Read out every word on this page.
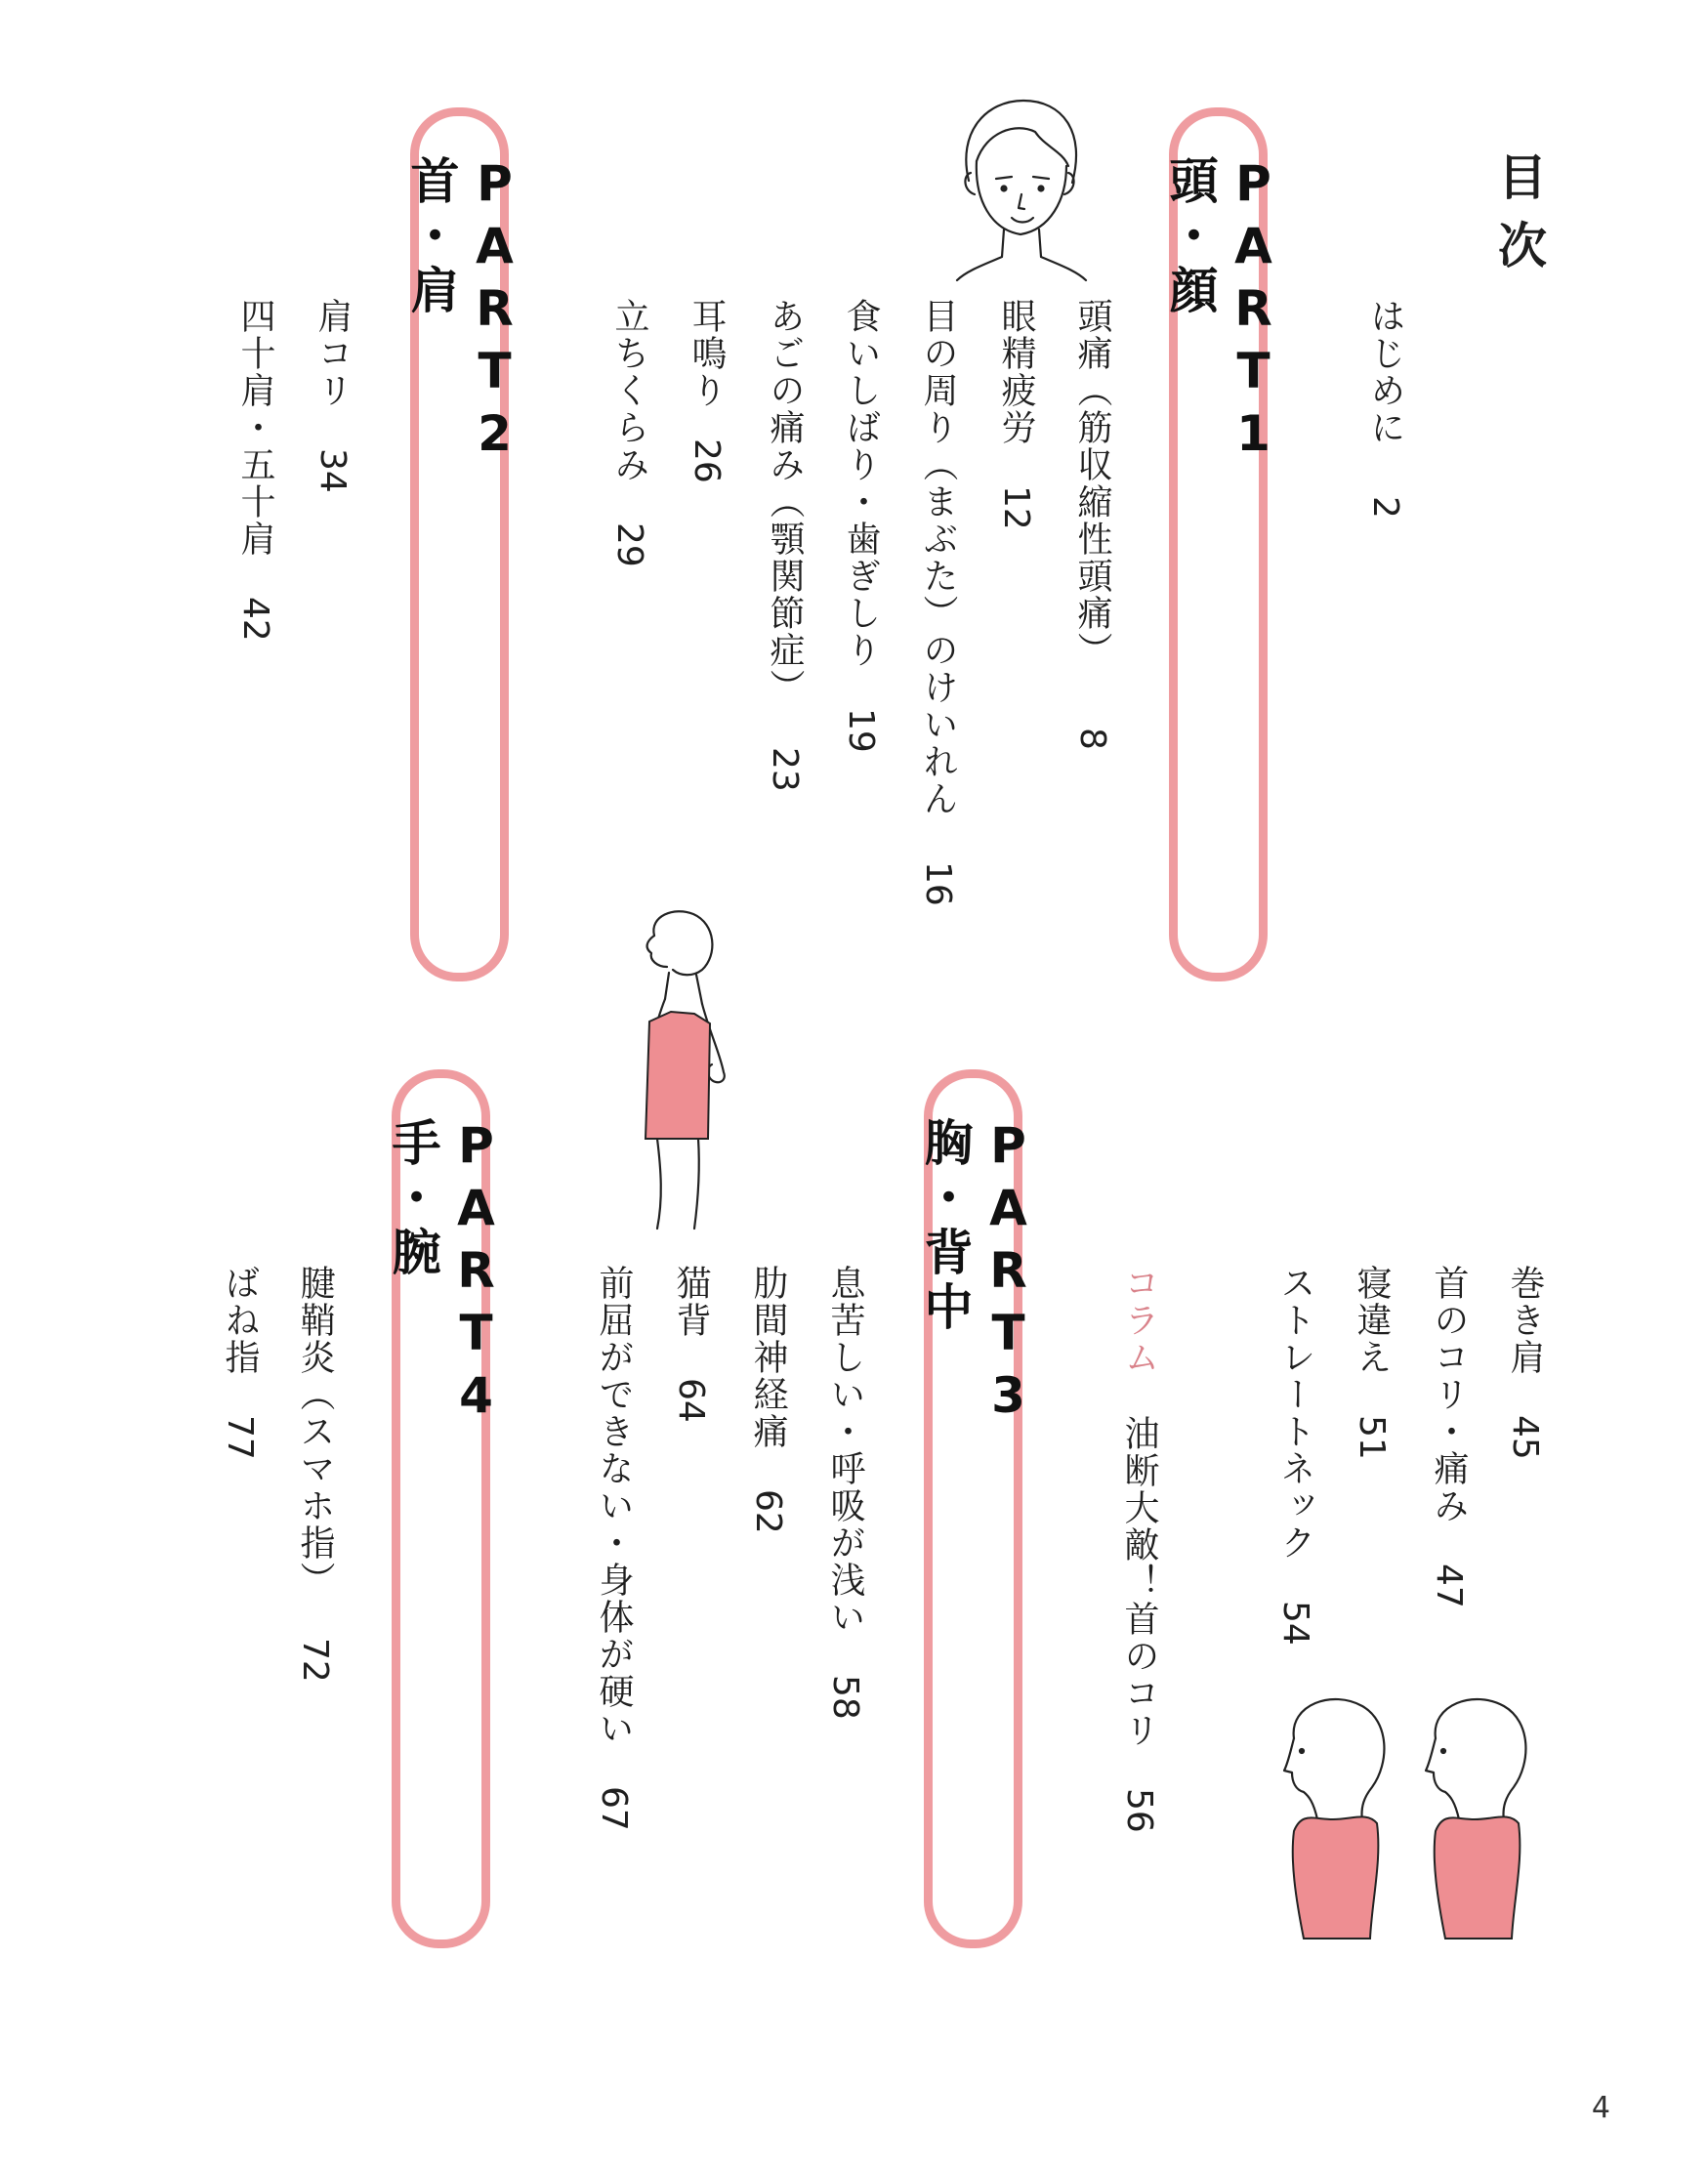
目次
はじめに 2
PART1
頭・顔
頭痛（筋収縮性頭痛）8
眼精疲労12
目の周り（まぶた）のけいれん16
食いしばり・歯ぎしり19
あごの痛み（顎関節症）23
耳鳴り26
立ちくらみ29
PART2
首・肩
肩コリ34
四十肩・五十肩42
巻き肩45
首のコリ・痛み47
寝違え51
ストレートネック54
コラム油断大敵！首のコリ56
PART3
胸・背中
息苦しい・呼吸が浅い58
肋間神経痛62
猫背64
前屈ができない・身体が硬い67
PART4
手・腕
腱鞘炎（スマホ指）72
ばね指77
4
